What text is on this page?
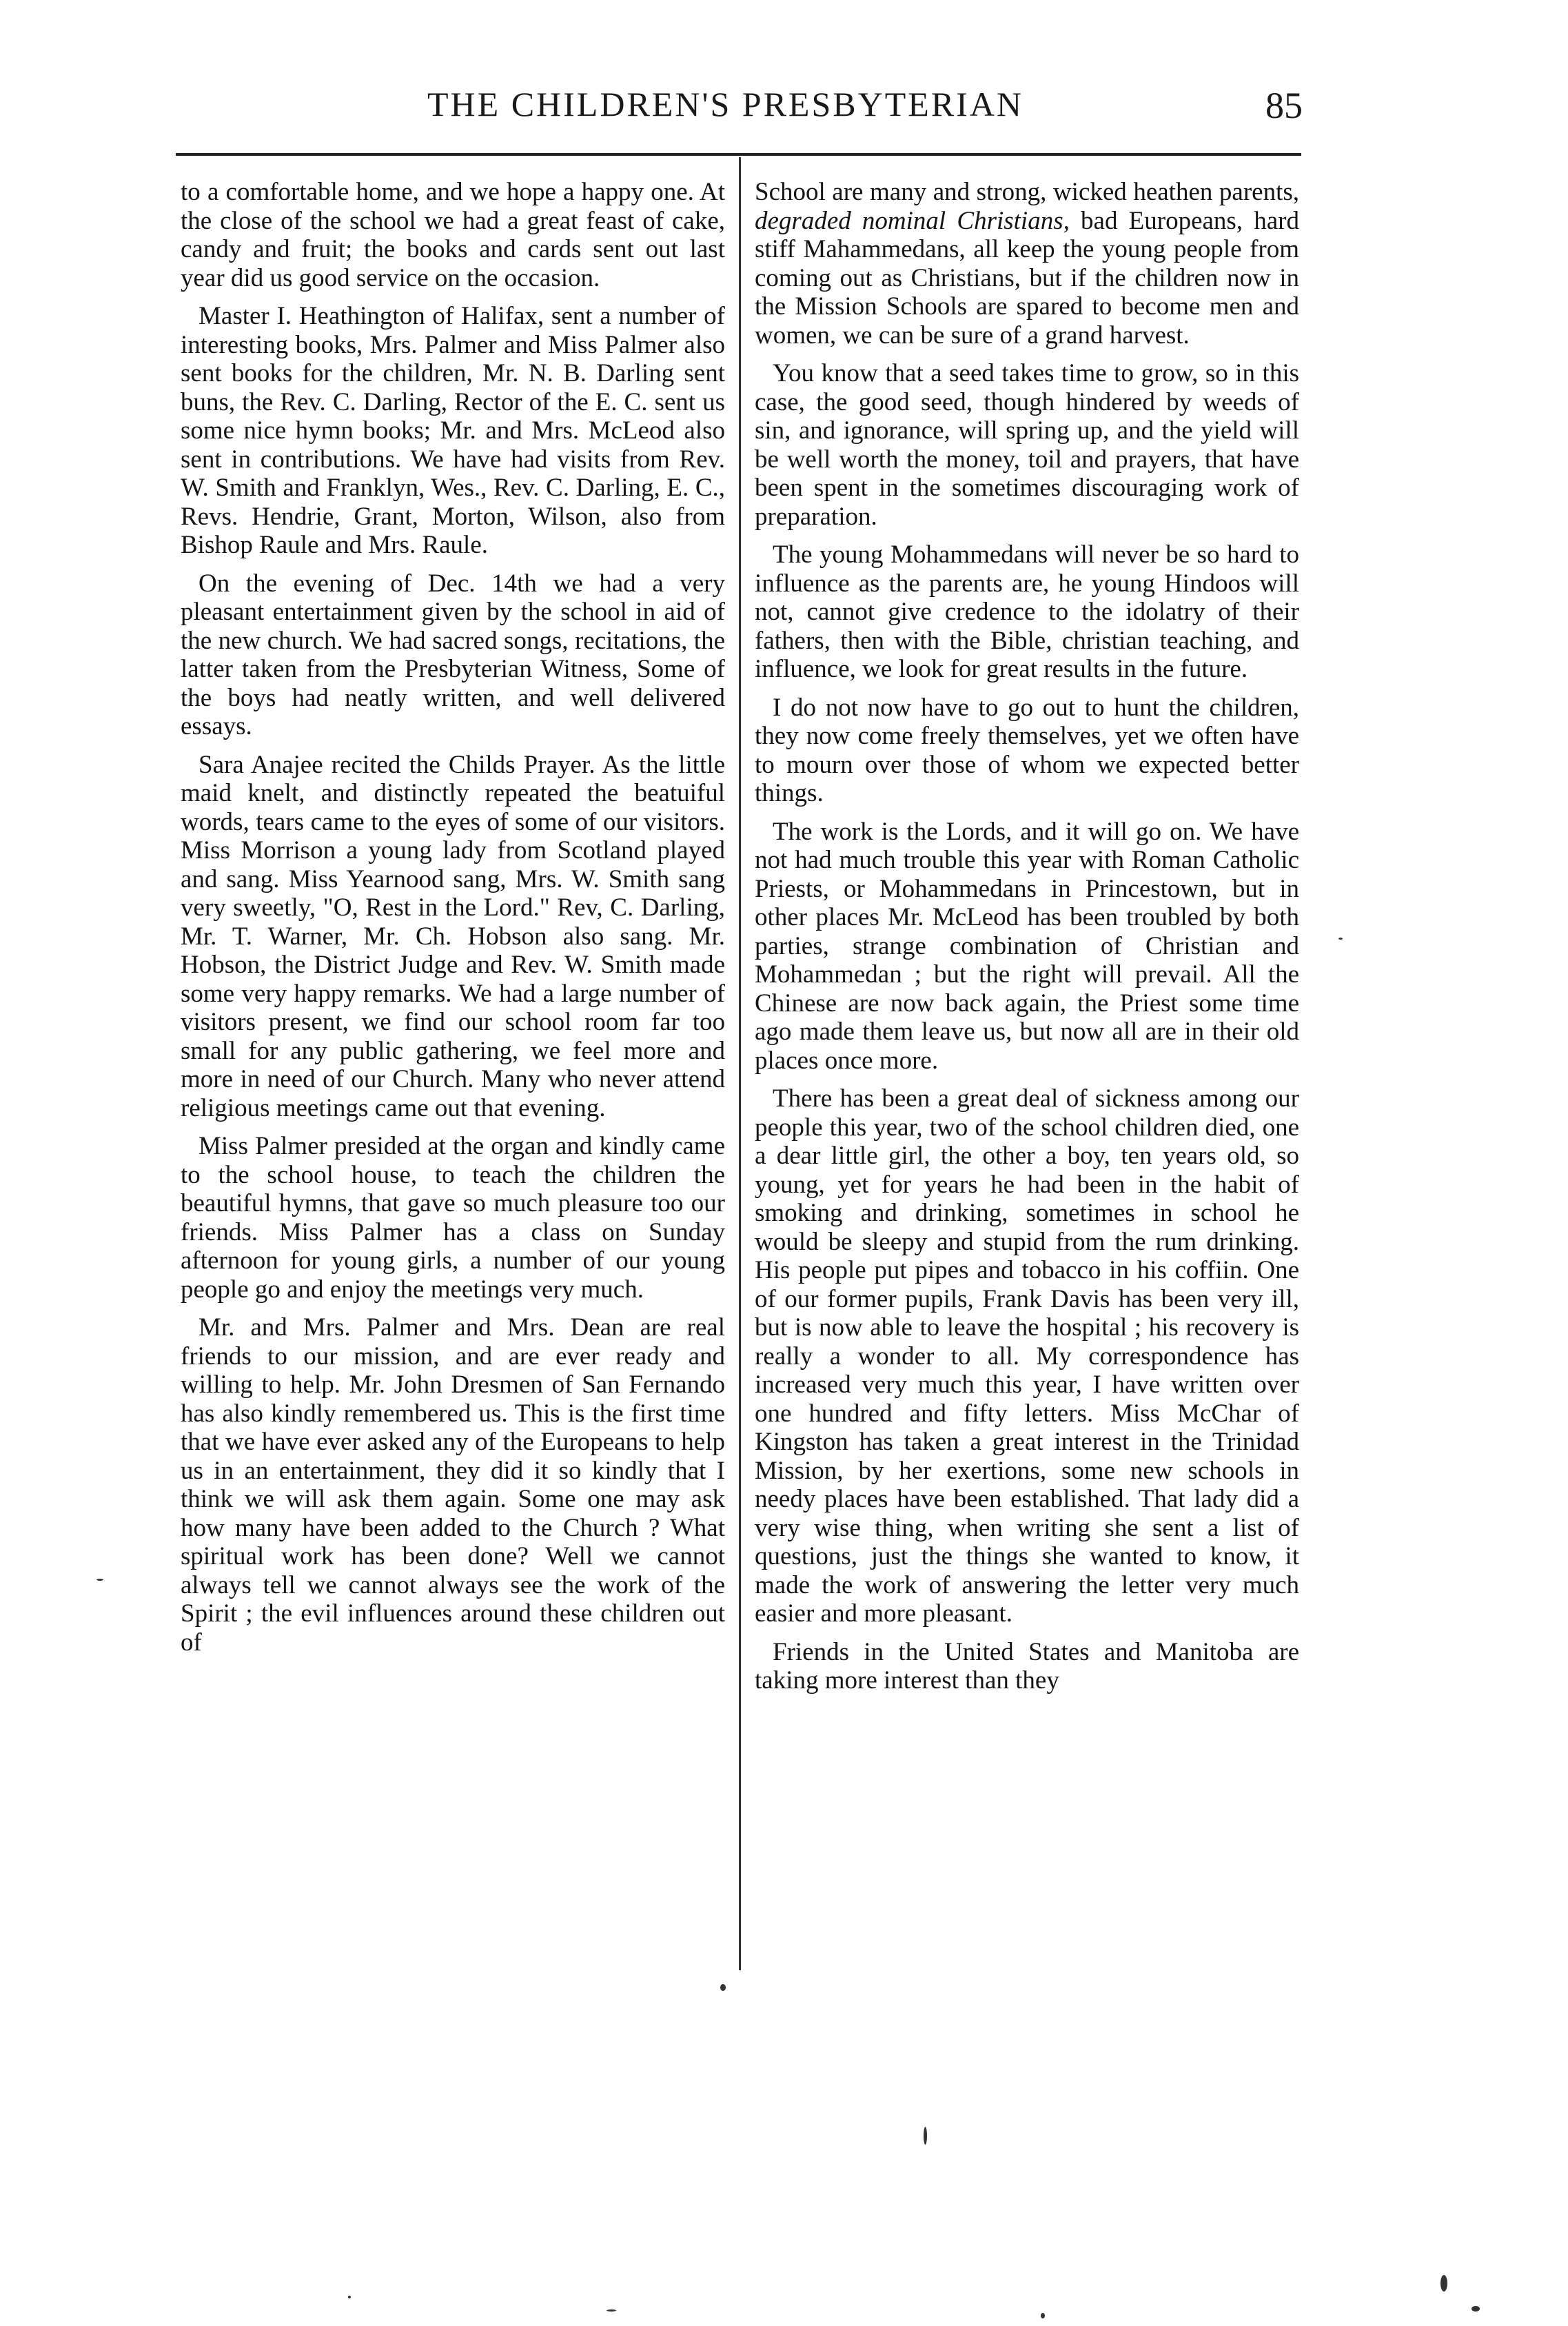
THE CHILDREN'S PRESBYTERIAN	85

to a comfortable home, and we hope a happy one. At the close of the school we had a great feast of cake, candy and fruit; the books and cards sent out last year did us good service on the occasion.

Master I. Heathington of Halifax, sent a number of interesting books, Mrs. Palmer and Miss Palmer also sent books for the children, Mr. N. B. Darling sent buns, the Rev. C. Darling, Rector of the E. C. sent us some nice hymn books; Mr. and Mrs. McLeod also sent in contributions. We have had visits from Rev. W. Smith and Franklyn, Wes., Rev. C. Darling, E. C., Revs. Hendrie, Grant, Morton, Wilson, also from Bishop Raule and Mrs. Raule.

On the evening of Dec. 14th we had a very pleasant entertainment given by the school in aid of the new church. We had sacred songs, recitations, the latter taken from the Presbyterian Witness, Some of the boys had neatly written, and well delivered essays.

Sara Anajee recited the Childs Prayer. As the little maid knelt, and distinctly repeated the beatuiful words, tears came to the eyes of some of our visitors. Miss Morrison a young lady from Scotland played and sang. Miss Yearnood sang, Mrs. W. Smith sang very sweetly, "O, Rest in the Lord." Rev, C. Darling, Mr. T. Warner, Mr. Ch. Hobson also sang. Mr. Hobson, the District Judge and Rev. W. Smith made some very happy remarks. We had a large number of visitors present, we find our school room far too small for any public gathering, we feel more and more in need of our Church. Many who never attend religious meetings came out that evening.

Miss Palmer presided at the organ and kindly came to the school house, to teach the children the beautiful hymns, that gave so much pleasure too our friends. Miss Palmer has a class on Sunday afternoon for young girls, a number of our young people go and enjoy the meetings very much.

Mr. and Mrs. Palmer and Mrs. Dean are real friends to our mission, and are ever ready and willing to help. Mr. John Dresmen of San Fernando has also kindly remembered us. This is the first time that we have ever asked any of the Europeans to help us in an entertainment, they did it so kindly that I think we will ask them again. Some one may ask how many have been added to the Church ? What spiritual work has been done? Well we cannot always tell we cannot always see the work of the Spirit ; the evil influences around these children out of

School are many and strong, wicked heathen parents, degraded nominal Christians, bad Europeans, hard stiff Mahammedans, all keep the young people from coming out as Christians, but if the children now in the Mission Schools are spared to become men and women, we can be sure of a grand harvest.

You know that a seed takes time to grow, so in this case, the good seed, though hindered by weeds of sin, and ignorance, will spring up, and the yield will be well worth the money, toil and prayers, that have been spent in the sometimes discouraging work of preparation.

The young Mohammedans will never be so hard to influence as the parents are, he young Hindoos will not, cannot give credence to the idolatry of their fathers, then with the Bible, christian teaching, and influence, we look for great results in the future.

I do not now have to go out to hunt the children, they now come freely themselves, yet we often have to mourn over those of whom we expected better things.

The work is the Lords, and it will go on. We have not had much trouble this year with Roman Catholic Priests, or Mohammedans in Princestown, but in other places Mr. McLeod has been troubled by both parties, strange combination of Christian and Mohammedan ; but the right will prevail. All the Chinese are now back again, the Priest some time ago made them leave us, but now all are in their old places once more.

There has been a great deal of sickness among our people this year, two of the school children died, one a dear little girl, the other a boy, ten years old, so young, yet for years he had been in the habit of smoking and drinking, sometimes in school he would be sleepy and stupid from the rum drinking. His people put pipes and tobacco in his coffiin. One of our former pupils, Frank Davis has been very ill, but is now able to leave the hospital ; his recovery is really a wonder to all. My correspondence has increased very much this year, I have written over one hundred and fifty letters. Miss McChar of Kingston has taken a great interest in the Trinidad Mission, by her exertions, some new schools in needy places have been established. That lady did a very wise thing, when writing she sent a list of questions, just the things she wanted to know, it made the work of answering the letter very much easier and more pleasant.

Friends in the United States and Manitoba are taking more interest than they
